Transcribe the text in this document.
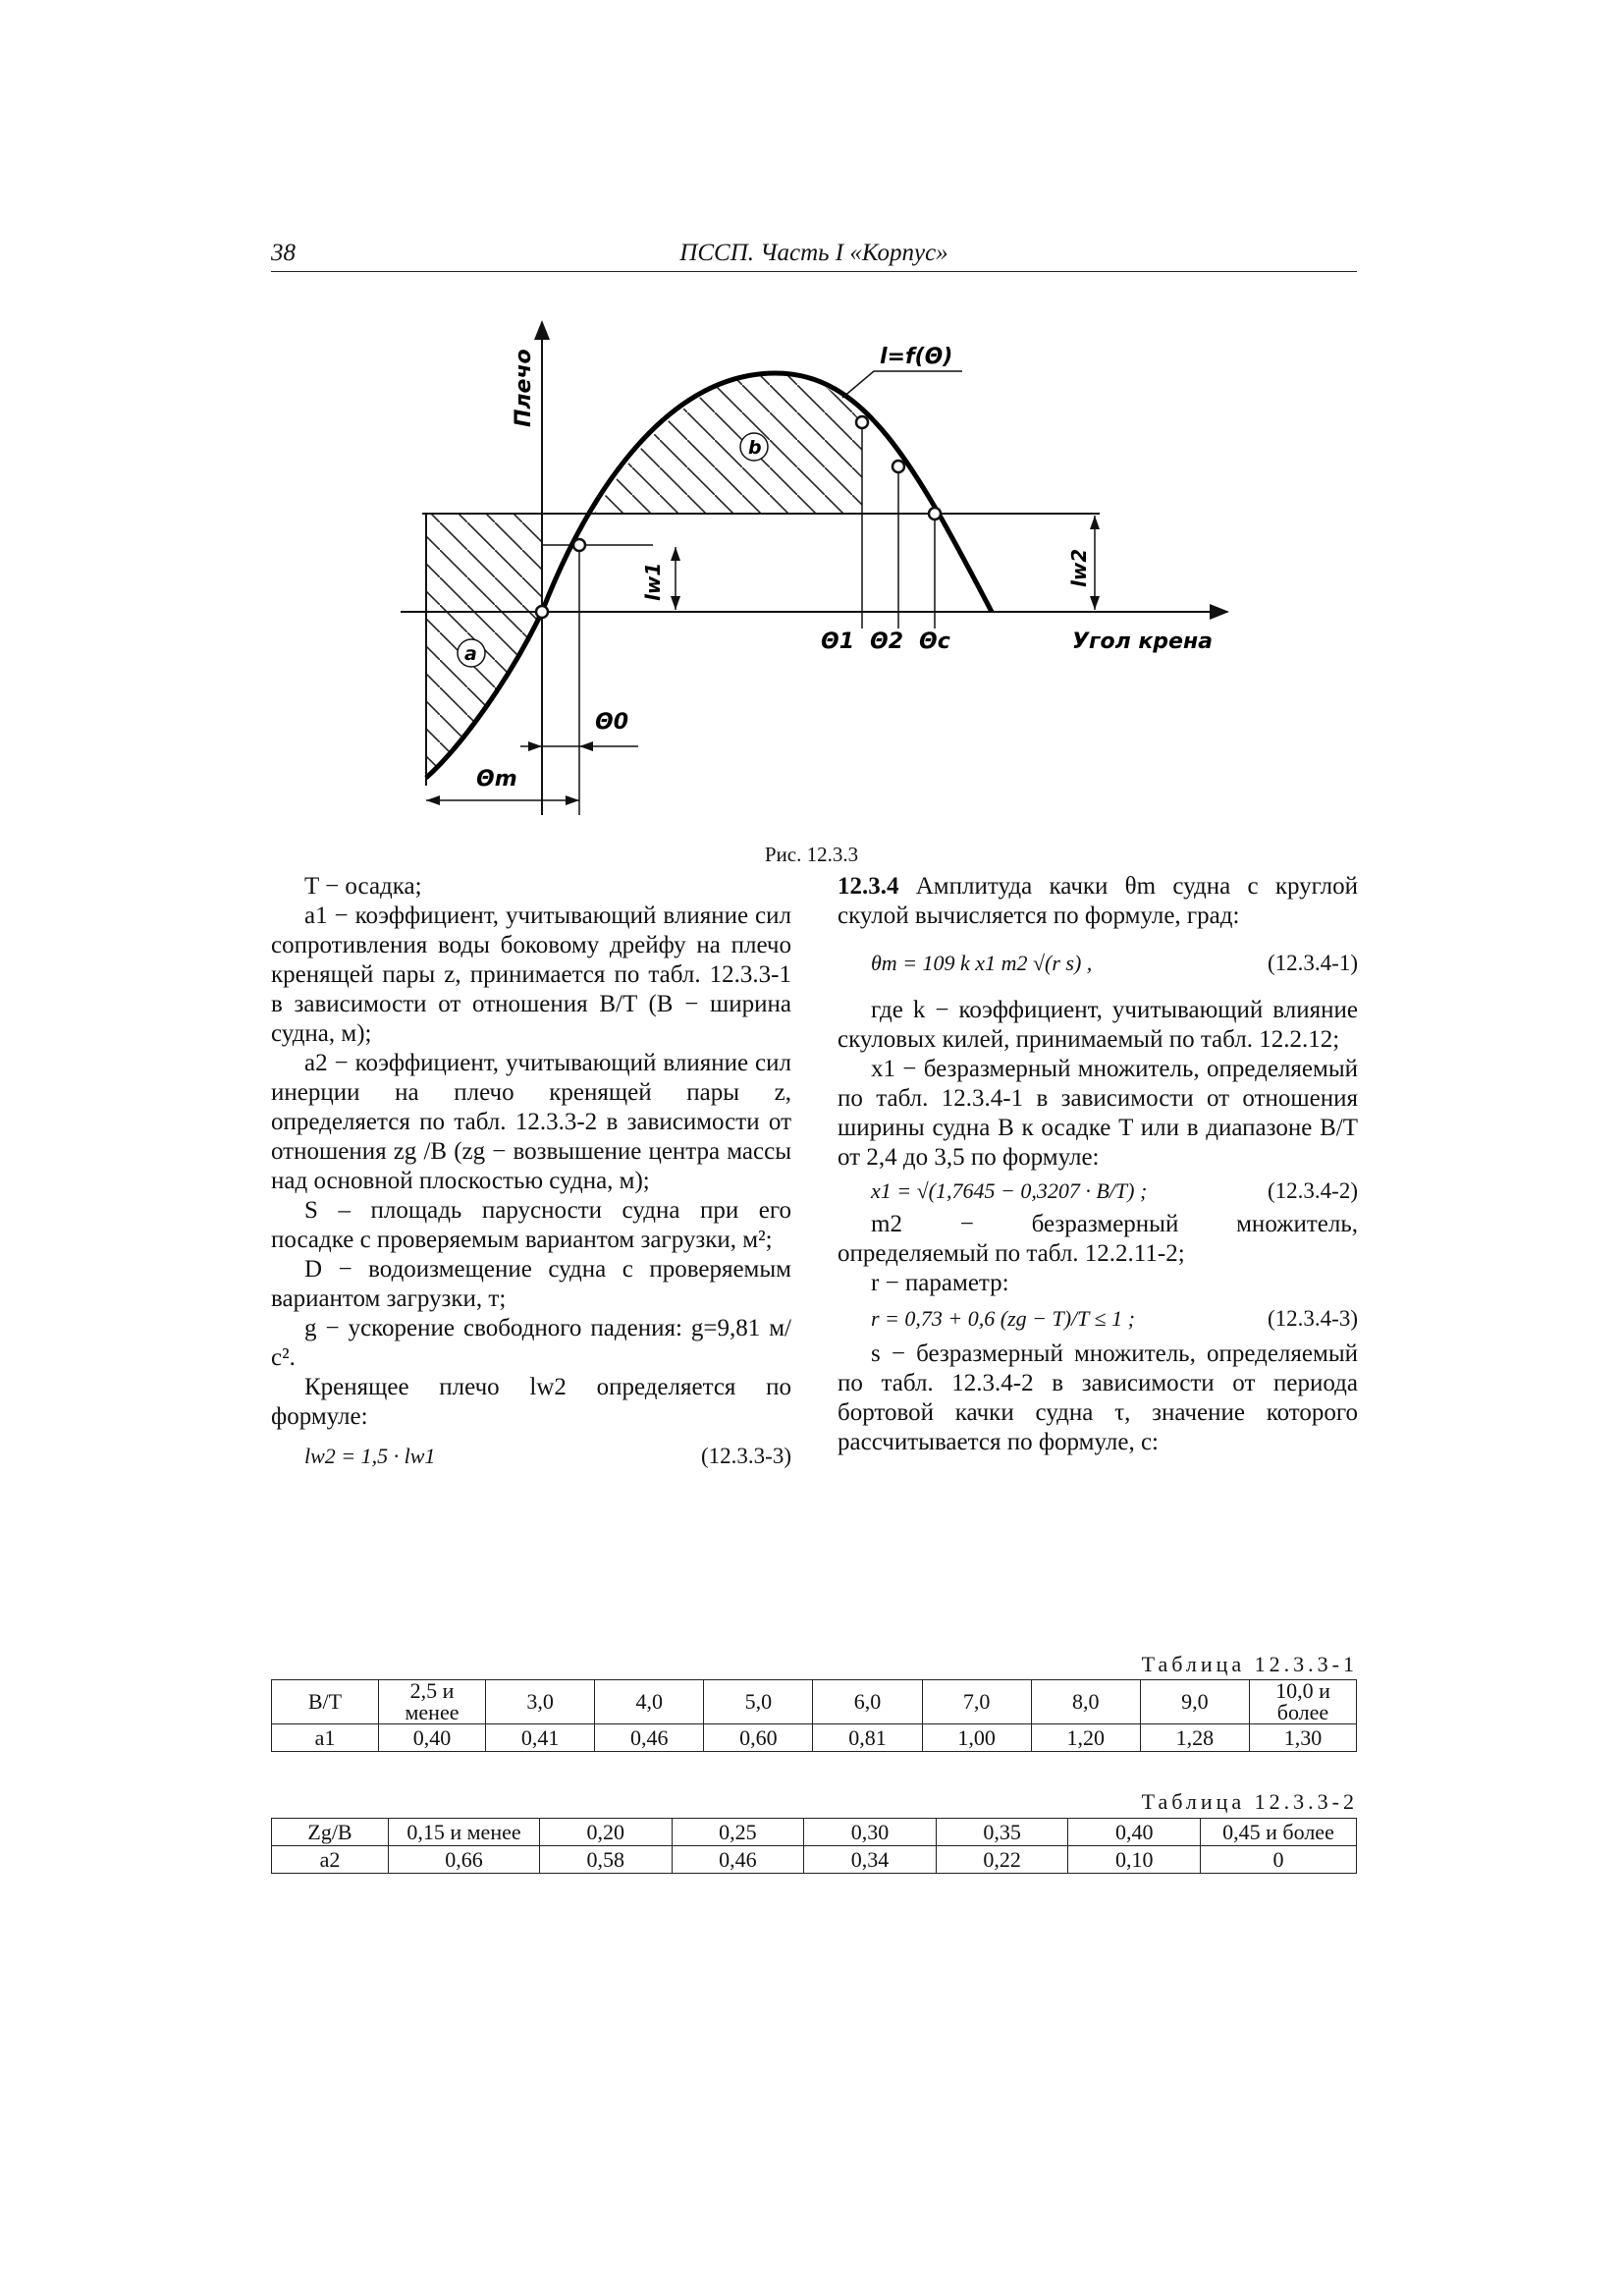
38	ПССП. Часть I «Корпус»
l=f(Θ)
Плечо
Угол крена
b
a
lw1	lw2
Θ1 Θ2 Θc
Θ0
Θm
Рис. 12.3.3

T − осадка;

a1 − коэффициент, учитывающий влияние сил сопротивления воды боковому дрейфу на плечо кренящей пары z, принимается по табл. 12.3.3-1 в зависимости от отношения B/T (B − ширина судна, м);

a2 − коэффициент, учитывающий влияние сил инерции на плечо кренящей пары z, определяется по табл. 12.3.3-2 в зависимости от отношения zg /B (zg − возвышение центра массы над основной плоскостью судна, м);

S – площадь парусности судна при его посадке с проверяемым вариантом загрузки, м²;

D − водоизмещение судна с проверяемым вариантом загрузки, т;

g − ускорение свободного падения: g=9,81 м/с².

Кренящее плечо lw2 определяется по формуле:

lw2 = 1,5 · lw1	(12.3.3-3)

12.3.4 Амплитуда качки θm судна с круглой скулой вычисляется по формуле, град:

θm = 109 k x1 m2 √(r s) ,	(12.3.4-1)

где k − коэффициент, учитывающий влияние скуловых килей, принимаемый по табл. 12.2.12;

x1 − безразмерный множитель, определяемый по табл. 12.3.4-1 в зависимости от отношения ширины судна B к осадке T или в диапазоне B/T от 2,4 до 3,5 по формуле:

x1 = √(1,7645 − 0,3207 · B/T) ;	(12.3.4-2)

m2 − безразмерный множитель, определяемый по табл. 12.2.11-2;

r − параметр:

r = 0,73 + 0,6 (zg − T)/T ≤ 1 ;	(12.3.4-3)

s − безразмерный множитель, определяемый по табл. 12.3.4-2 в зависимости от периода бортовой качки судна τ, значение которого рассчитывается по формуле, с:

Таблица 12.3.3-1
B/T	2,5 и менее	3,0	4,0	5,0	6,0	7,0	8,0	9,0	10,0 и более
a1	0,40	0,41	0,46	0,60	0,81	1,00	1,20	1,28	1,30
Таблица 12.3.3-2
Zg/B	0,15 и менее	0,20	0,25	0,30	0,35	0,40	0,45 и более
a2	0,66	0,58	0,46	0,34	0,22	0,10	0
